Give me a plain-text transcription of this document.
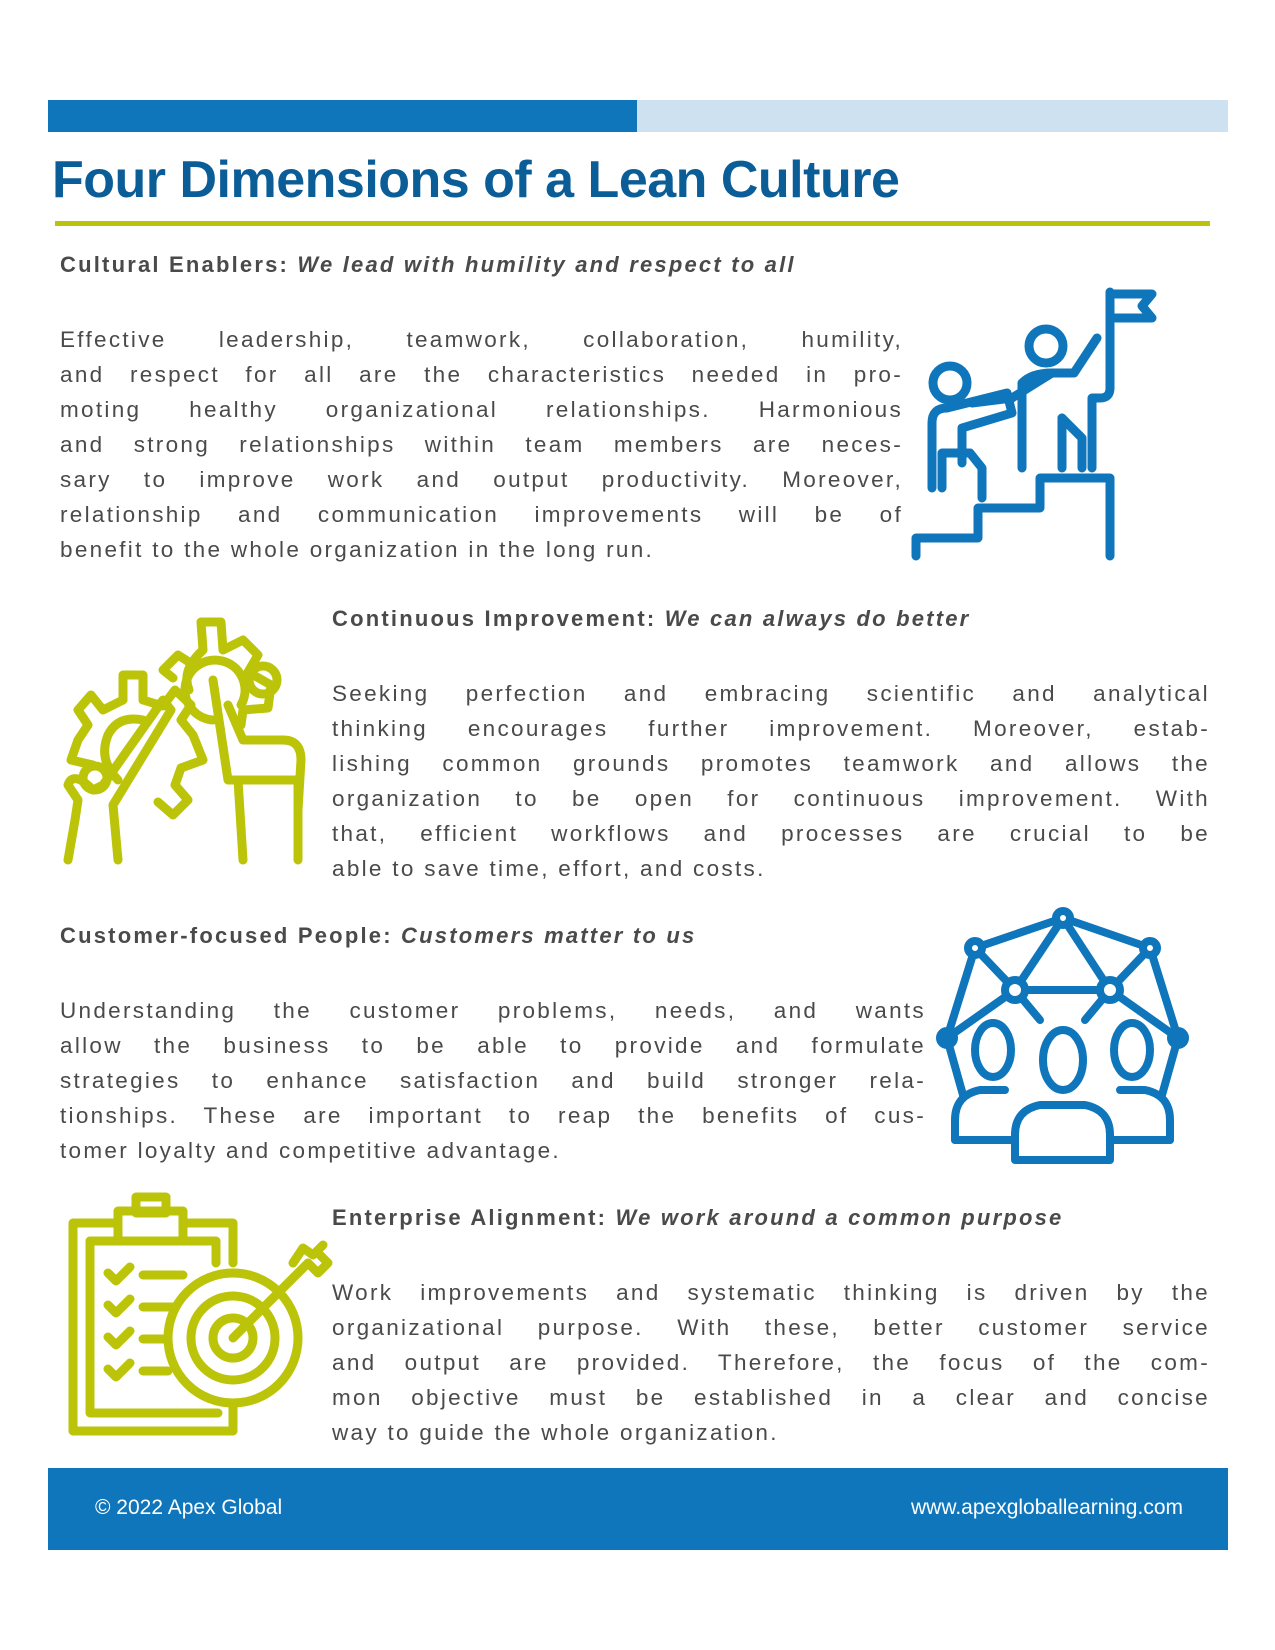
Four Dimensions of a Lean Culture
Cultural Enablers: We lead with humility and respect to all
Effective leadership, teamwork, collaboration, humility,
and respect for all are the characteristics needed in pro-
moting healthy organizational relationships. Harmonious
and strong relationships within team members are neces-
sary to improve work and output productivity. Moreover,
relationship and communication improvements will be of
benefit to the whole organization in the long run.
Continuous Improvement: We can always do better
Seeking perfection and embracing scientific and analytical
thinking encourages further improvement. Moreover, estab-
lishing common grounds promotes teamwork and allows the
organization to be open for continuous improvement. With
that, efficient workflows and processes are crucial to be
able to save time, effort, and costs.
Customer-focused People: Customers matter to us
Understanding the customer problems, needs, and wants
allow the business to be able to provide and formulate
strategies to enhance satisfaction and build stronger rela-
tionships. These are important to reap the benefits of cus-
tomer loyalty and competitive advantage.
Enterprise Alignment: We work around a common purpose
Work improvements and systematic thinking is driven by the
organizational purpose. With these, better customer service
and output are provided. Therefore, the focus of the com-
mon objective must be established in a clear and concise
way to guide the whole organization.
© 2022 Apex Global	www.apexgloballearning.com
